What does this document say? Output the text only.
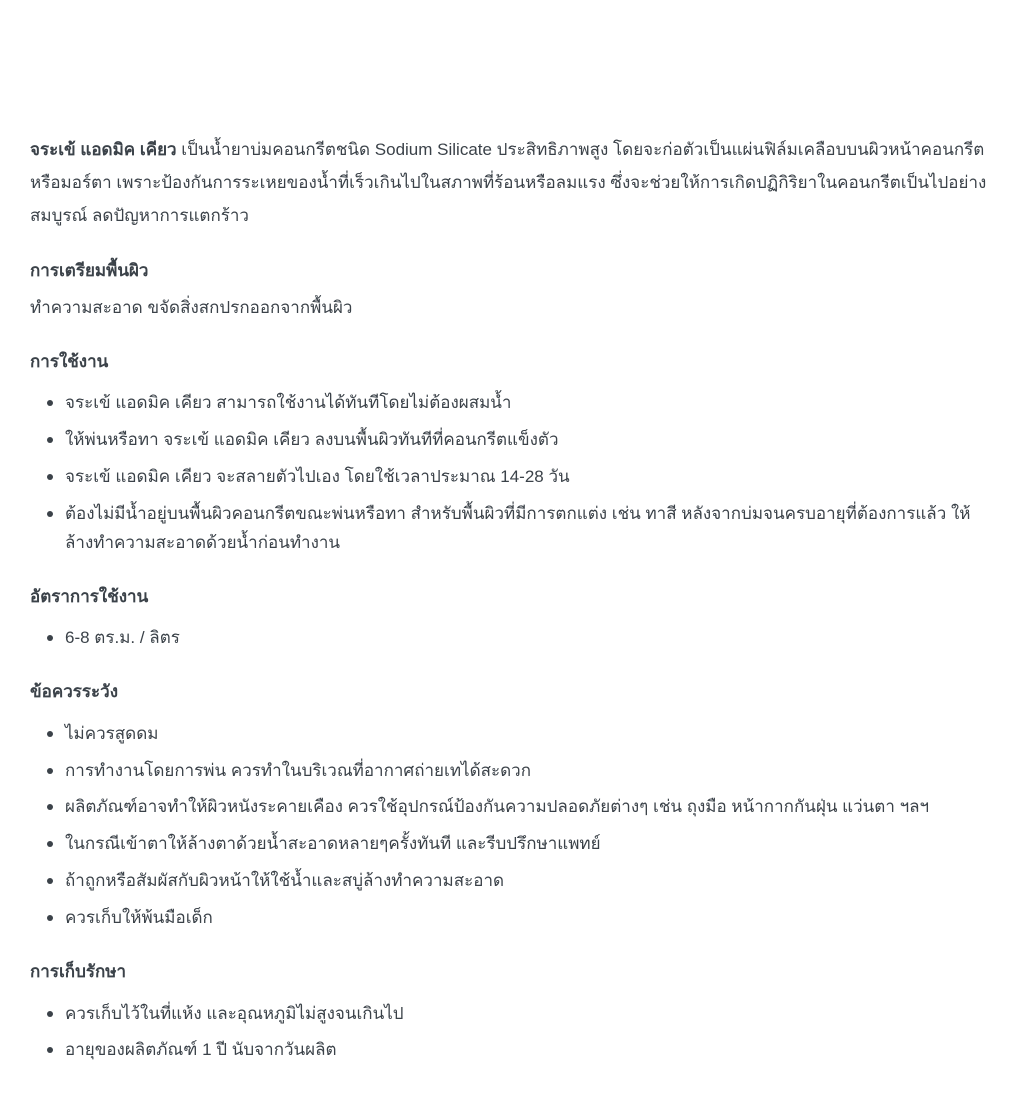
จระเข้ แอดมิค เคียว เป็นน้ำยาบ่มคอนกรีตชนิด Sodium Silicate ประสิทธิภาพสูง โดยจะก่อตัวเป็นแผ่นฟิล์มเคลือบบนผิวหน้าคอนกรีตหรือมอร์ตา เพราะป้องกันการระเหยของน้ำที่เร็วเกินไปในสภาพที่ร้อนหรือลมแรง ซึ่งจะช่วยให้การเกิดปฏิกิริยาในคอนกรีตเป็นไปอย่างสมบูรณ์ ลดปัญหาการแตกร้าว

การเตรียมพื้นผิว

ทำความสะอาด ขจัดสิ่งสกปรกออกจากพื้นผิว

การใช้งาน
จระเข้ แอดมิค เคียว สามารถใช้งานได้ทันทีโดยไม่ต้องผสมน้ำ
ให้พ่นหรือทา จระเข้ แอดมิค เคียว ลงบนพื้นผิวทันทีที่คอนกรีตแข็งตัว
จระเข้ แอดมิค เคียว จะสลายตัวไปเอง โดยใช้เวลาประมาณ 14-28 วัน
ต้องไม่มีน้ำอยู่บนพื้นผิวคอนกรีตขณะพ่นหรือทา สำหรับพื้นผิวที่มีการตกแต่ง เช่น ทาสี หลังจากบ่มจนครบอายุที่ต้องการแล้ว ให้ล้างทำความสะอาดด้วยน้ำก่อนทำงาน
อัตราการใช้งาน
6-8 ตร.ม. / ลิตร
ข้อควรระวัง
ไม่ควรสูดดม
การทำงานโดยการพ่น ควรทำในบริเวณที่อากาศถ่ายเทได้สะดวก
ผลิตภัณฑ์อาจทำให้ผิวหนังระคายเคือง ควรใช้อุปกรณ์ป้องกันความปลอดภัยต่างๆ เช่น ถุงมือ หน้ากากกันฝุ่น แว่นตา ฯลฯ
ในกรณีเข้าตาให้ล้างตาด้วยน้ำสะอาดหลายๆครั้งทันที และรีบปรึกษาแพทย์
ถ้าถูกหรือสัมผัสกับผิวหน้าให้ใช้น้ำและสบู่ล้างทำความสะอาด
ควรเก็บให้พ้นมือเด็ก
การเก็บรักษา
ควรเก็บไว้ในที่แห้ง และอุณหภูมิไม่สูงจนเกินไป
อายุของผลิตภัณฑ์ 1 ปี นับจากวันผลิต
